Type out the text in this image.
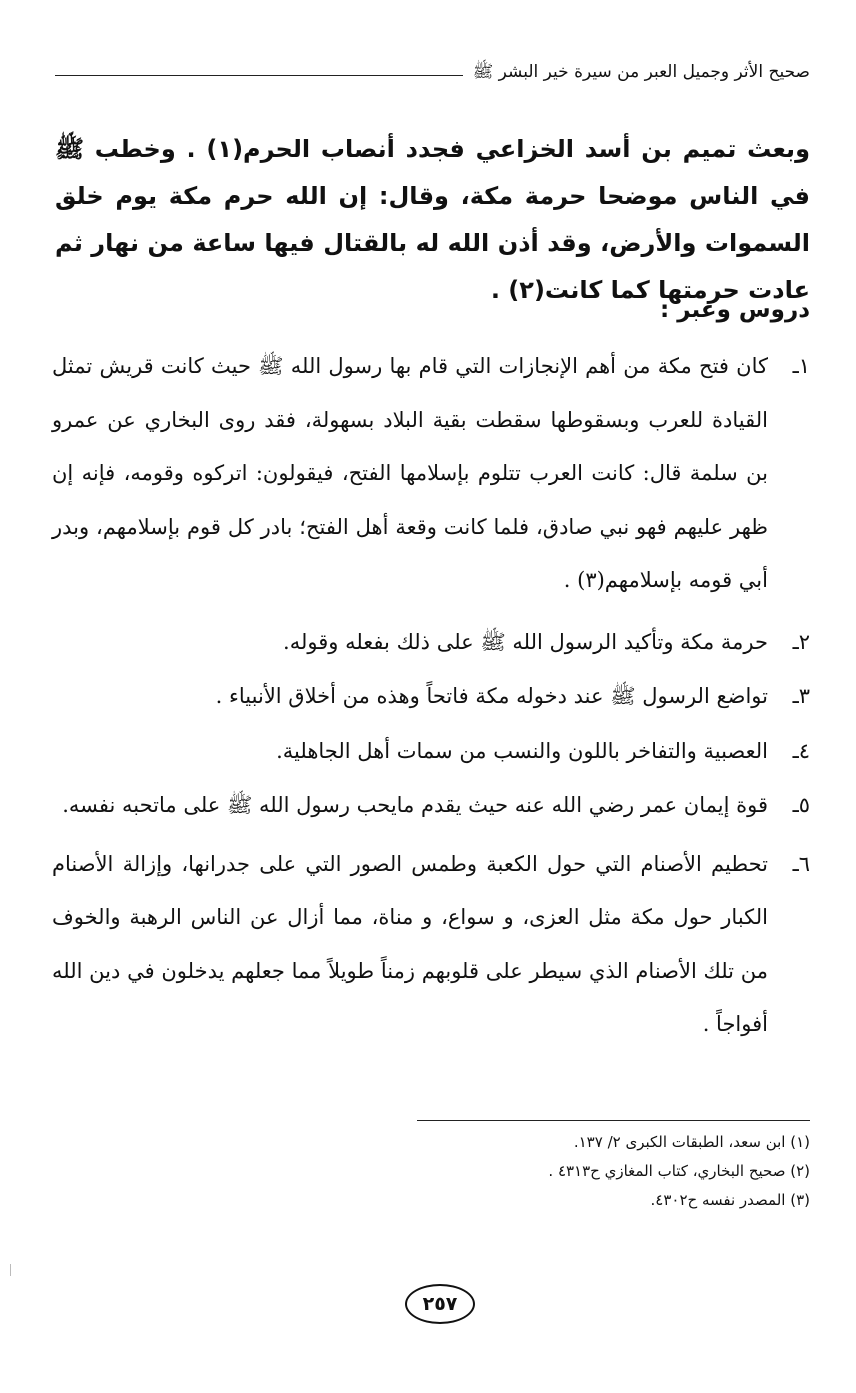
صحيح الأثر وجميل العبر من سيرة خير البشر ﷺ

وبعث تميم بن أسد الخزاعي فجدد أنصاب الحرم(١) . وخطب ﷺ في الناس موضحا حرمة مكة، وقال: إن الله حرم مكة يوم خلق السموات والأرض، وقد أذن الله له بالقتال فيها ساعة من نهار ثم عادت حرمتها كما كانت(٢) .

دروس وعبر :
١ـ
كان فتح مكة من أهم الإنجازات التي قام بها رسول الله ﷺ حيث كانت قريش تمثل القيادة للعرب وبسقوطها سقطت بقية البلاد بسهولة، فقد روى البخاري عن عمرو بن سلمة قال: كانت العرب تتلوم بإسلامها الفتح، فيقولون: اتركوه وقومه، فإنه إن ظهر عليهم فهو نبي صادق، فلما كانت وقعة أهل الفتح؛ بادر كل قوم بإسلامهم، وبدر أبي قومه بإسلامهم(٣) .
٢ـ
حرمة مكة وتأكيد الرسول الله ﷺ على ذلك بفعله وقوله.
٣ـ
تواضع الرسول ﷺ عند دخوله مكة فاتحاً وهذه من أخلاق الأنبياء .
٤ـ
العصبية والتفاخر باللون والنسب من سمات أهل الجاهلية.
٥ـ
قوة إيمان عمر رضي الله عنه حيث يقدم مايحب رسول الله ﷺ على ماتحبه نفسه.
٦ـ
تحطيم الأصنام التي حول الكعبة وطمس الصور التي على جدرانها، وإزالة الأصنام الكبار حول مكة مثل العزى، و سواع، و مناة، مما أزال عن الناس الرهبة والخوف من تلك الأصنام الذي سيطر على قلوبهم زمناً طويلاً مما جعلهم يدخلون في دين الله أفواجاً .
(١) ابن سعد، الطبقات الكبرى ٢/ ١٣٧.
(٢) صحيح البخاري، كتاب المغازي ح٤٣١٣ .
(٣) المصدر نفسه ح٤٣٠٢.
٢٥٧
